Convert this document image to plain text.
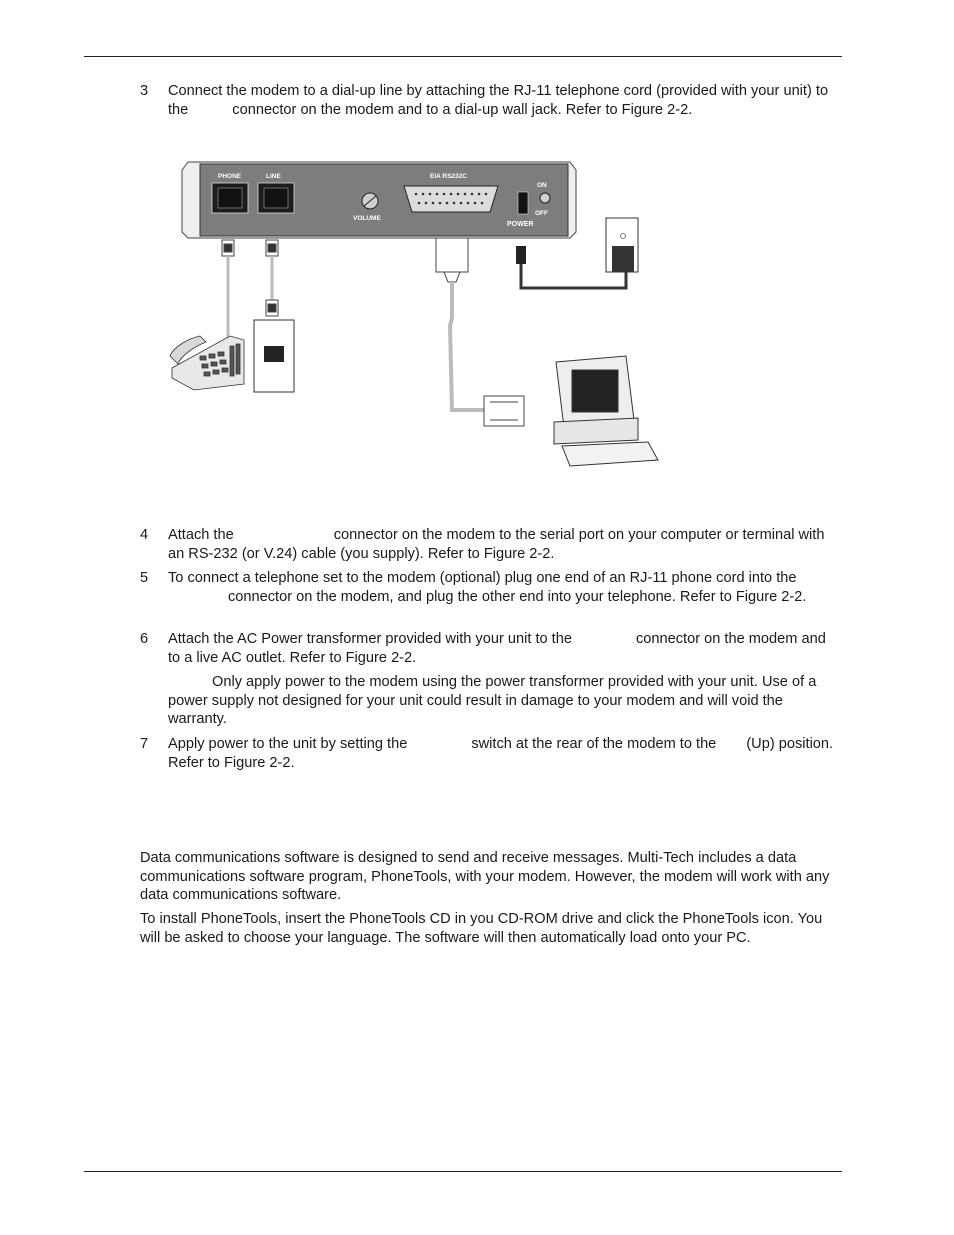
3	Connect the modem to a dial-up line by attaching the RJ-11 telephone cord (provided with your unit) to the	connector on the modem and to a dial-up wall jack. Refer to Figure 2-2.

PHONE	LINE
VOLUME
EIA RS232C
ON
OFF
POWER

4	Attach the	connector on the modem to the serial port on your computer or terminal with an RS-232 (or V.24) cable (you supply). Refer to Figure 2-2.

5	To connect a telephone set to the modem (optional) plug one end of an RJ-11 phone cord into theconnector on the modem, and plug the other end into your telephone. Refer to Figure 2-2.

6	Attach the AC Power transformer provided with your unit to the	connector on the modem and to a live AC outlet. Refer to Figure 2-2.

Only apply power to the modem using the power transformer provided with your unit. Use of a power supply not designed for your unit could result in damage to your modem and will void the warranty.

7	Apply power to the unit by setting the	switch at the rear of the modem to the (Up) position. Refer to Figure 2-2.

Data communications software is designed to send and receive messages. Multi-Tech includes a data communications software program, PhoneTools, with your modem. However, the modem will work with any data communications software.

To install PhoneTools, insert the PhoneTools CD in you CD-ROM drive and click the PhoneTools icon. You will be asked to choose your language. The software will then automatically load onto your PC.
